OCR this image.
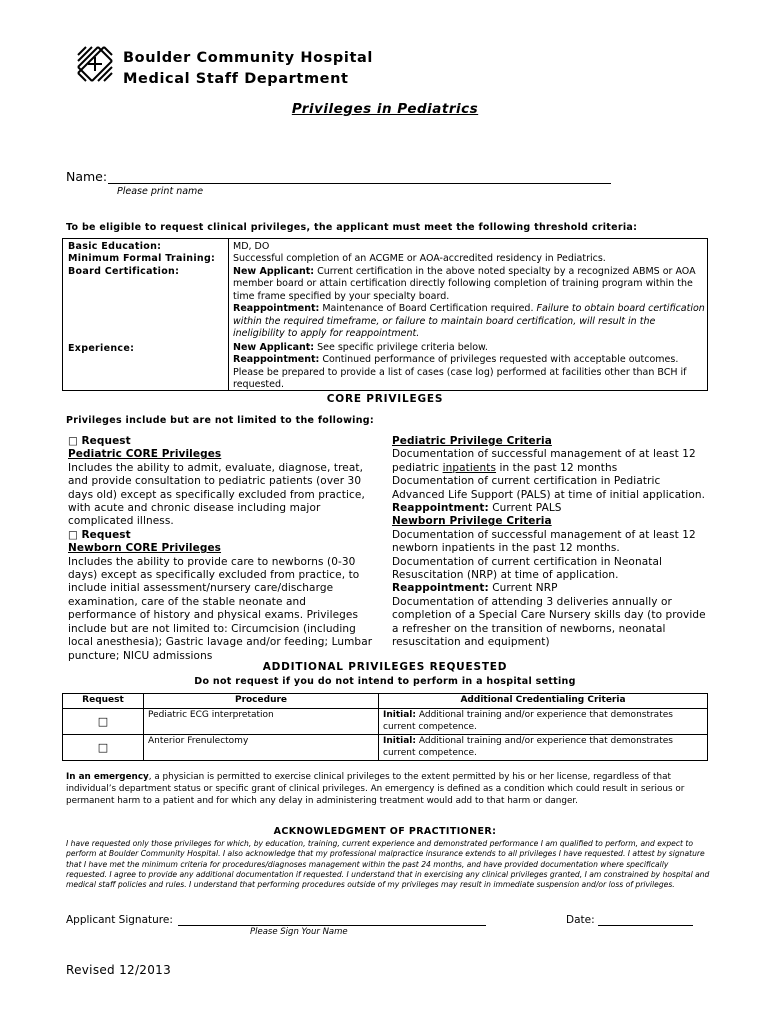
Boulder Community Hospital
Medical Staff Department
Privileges in Pediatrics
Name:
Please print name
To be eligible to request clinical privileges, the applicant must meet the following threshold criteria:
Basic Education:	MD, DO
Minimum Formal Training: Successful completion of an ACGME or AOA-accredited residency in Pediatrics.
Board Certification:	New Applicant: Current certification in the above noted specialty by a recognized ABMS or AOA member board or attain certification directly following completion of training program within the time frame specified by your specialty board.
Reappointment: Maintenance of Board Certification required. Failure to obtain board certification within the required timeframe, or failure to maintain board certification, will result in the ineligibility to apply for reappointment.
Experience:	New Applicant: See specific privilege criteria below.
Reappointment: Continued performance of privileges requested with acceptable outcomes. Please be prepared to provide a list of cases (case log) performed at facilities other than BCH if requested.
CORE PRIVILEGES
Privileges include but are not limited to the following:
□ Request
Pediatric CORE Privileges
Includes the ability to admit, evaluate, diagnose, treat, and provide consultation to pediatric patients (over 30 days old) except as specifically excluded from practice, with acute and chronic disease including major complicated illness.
□ Request
Newborn CORE Privileges
Includes the ability to provide care to newborns (0-30 days) except as specifically excluded from practice, to include initial assessment/nursery care/discharge examination, care of the stable neonate and performance of history and physical exams. Privileges include but are not limited to: Circumcision (including local anesthesia); Gastric lavage and/or feeding; Lumbar puncture; NICU admissions
Pediatric Privilege Criteria
Documentation of successful management of at least 12 pediatric inpatients in the past 12 months
Documentation of current certification in Pediatric Advanced Life Support (PALS) at time of initial application.
Reappointment: Current PALS
Newborn Privilege Criteria
Documentation of successful management of at least 12 newborn inpatients in the past 12 months.
Documentation of current certification in Neonatal Resuscitation (NRP) at time of application.
Reappointment: Current NRP
Documentation of attending 3 deliveries annually or completion of a Special Care Nursery skills day (to provide a refresher on the transition of newborns, neonatal resuscitation and equipment)
ADDITIONAL PRIVILEGES REQUESTED
Do not request if you do not intend to perform in a hospital setting
Request	Procedure	Additional Credentialing Criteria
□	Pediatric ECG interpretation	Initial: Additional training and/or experience that demonstrates current competence.
□	Anterior Frenulectomy	Initial: Additional training and/or experience that demonstrates current competence.
In an emergency, a physician is permitted to exercise clinical privileges to the extent permitted by his or her license, regardless of that individual’s department status or specific grant of clinical privileges. An emergency is defined as a condition which could result in serious or permanent harm to a patient and for which any delay in administering treatment would add to that harm or danger.
ACKNOWLEDGMENT OF PRACTITIONER:
I have requested only those privileges for which, by education, training, current experience and demonstrated performance I am qualified to perform, and expect to perform at Boulder Community Hospital. I also acknowledge that my professional malpractice insurance extends to all privileges I have requested. I attest by signature that I have met the minimum criteria for procedures/diagnoses management within the past 24 months, and have provided documentation where specifically requested. I agree to provide any additional documentation if requested. I understand that in exercising any clinical privileges granted, I am constrained by hospital and medical staff policies and rules. I understand that performing procedures outside of my privileges may result in immediate suspension and/or loss of privileges.
Applicant Signature:
Please Sign Your Name
Date:
Revised 12/2013
